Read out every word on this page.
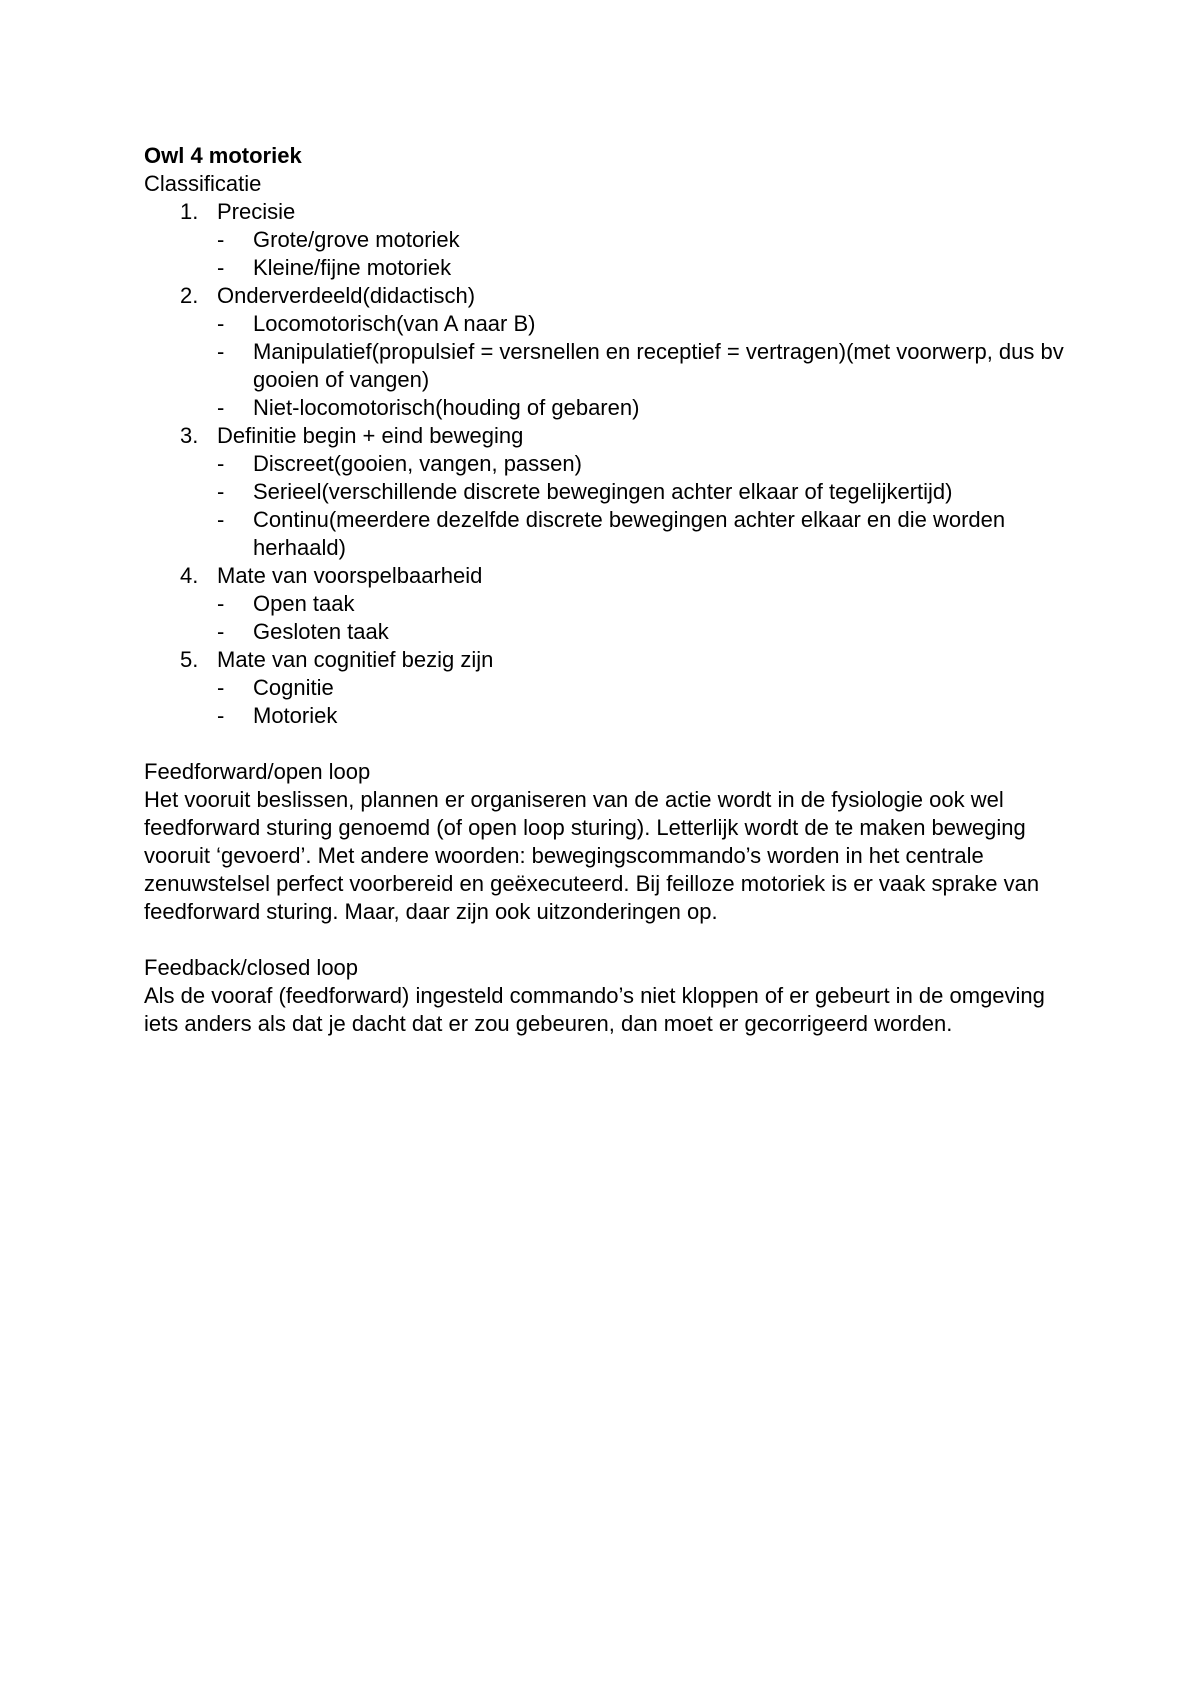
Owl 4 motoriek
Classificatie
1. Precisie
- Grote/grove motoriek
- Kleine/fijne motoriek
2. Onderverdeeld(didactisch)
- Locomotorisch(van A naar B)
- Manipulatief(propulsief = versnellen en receptief = vertragen)(met voorwerp, dus bv gooien of vangen)
- Niet-locomotorisch(houding of gebaren)
3. Definitie begin + eind beweging
- Discreet(gooien, vangen, passen)
- Serieel(verschillende discrete bewegingen achter elkaar of tegelijkertijd)
- Continu(meerdere dezelfde discrete bewegingen achter elkaar en die worden herhaald)
4. Mate van voorspelbaarheid
- Open taak
- Gesloten taak
5. Mate van cognitief bezig zijn
- Cognitie
- Motoriek
Feedforward/open loop
Het vooruit beslissen, plannen er organiseren van de actie wordt in de fysiologie ook wel feedforward sturing genoemd (of open loop sturing). Letterlijk wordt de te maken beweging vooruit ‘gevoerd’. Met andere woorden: bewegingscommando’s worden in het centrale zenuwstelsel perfect voorbereid en geëxecuteerd. Bij feilloze motoriek is er vaak sprake van feedforward sturing. Maar, daar zijn ook uitzonderingen op.
Feedback/closed loop
Als de vooraf (feedforward) ingesteld commando’s niet kloppen of er gebeurt in de omgeving iets anders als dat je dacht dat er zou gebeuren, dan moet er gecorrigeerd worden.
